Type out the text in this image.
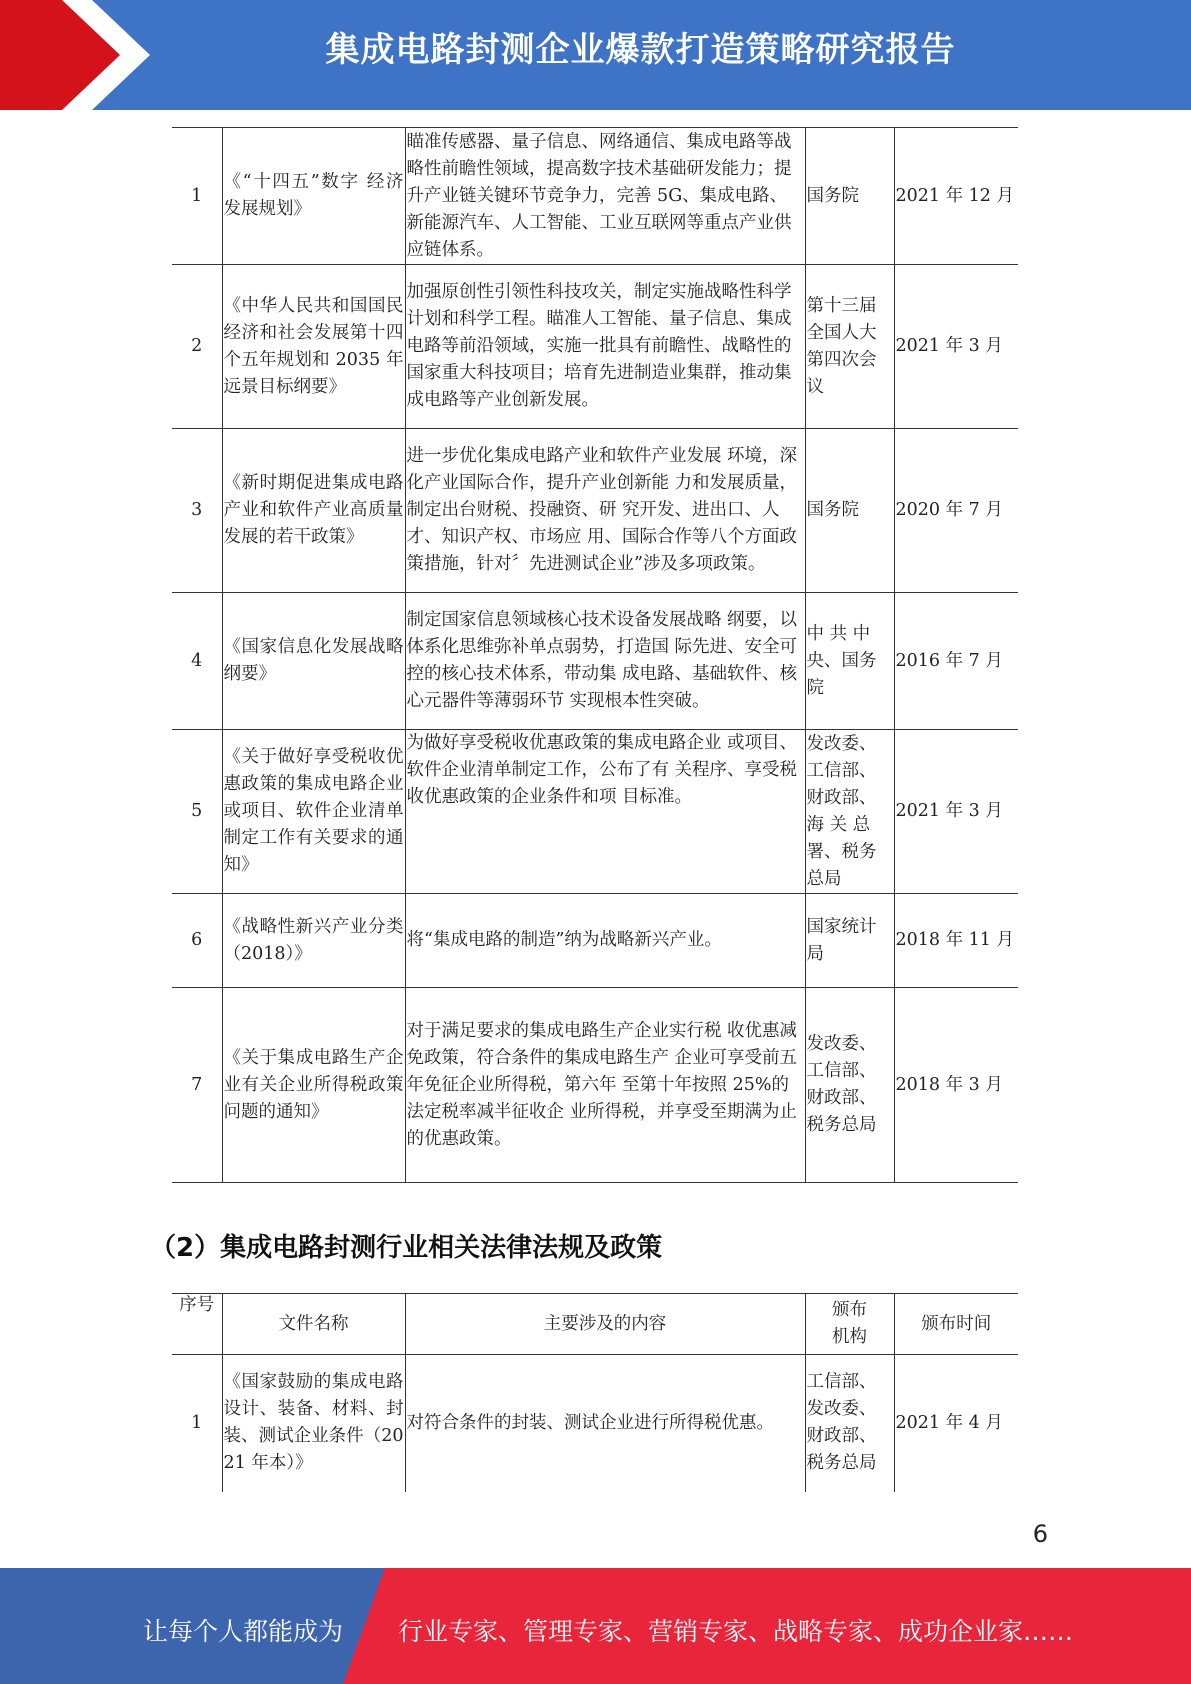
集成电路封测企业爆款打造策略研究报告
1	《“十四五”数字 经济发展规划》	瞄准传感器、量子信息、网络通信、集成电路等战略性前瞻性领域，提高数字技术基础研发能力；提升产业链关键环节竞争力，完善 5G、集成电路、新能源汽车、人工智能、工业互联网等重点产业供应链体系。	国务院	2021 年 12 月
2	《中华人民共和国国民经济和社会发展第十四个五年规划和 2035 年远景目标纲要》	加强原创性引领性科技攻关，制定实施战略性科学计划和科学工程。瞄准人工智能、量子信息、集成电路等前沿领域，实施一批具有前瞻性、战略性的国家重大科技项目；培育先进制造业集群，推动集成电路等产业创新发展。	第十三届全国人大第四次会议	2021 年 3 月
3	《新时期促进集成电路产业和软件产业高质量发展的若干政策》	进一步优化集成电路产业和软件产业发展 环境，深化产业国际合作，提升产业创新能 力和发展质量，制定出台财税、投融资、研 究开发、进出口、人才、知识产权、市场应 用、国际合作等八个方面政策措施，针对〞先进测试企业”涉及多项政策。	国务院	2020 年 7 月
4	《国家信息化发展战略纲要》	制定国家信息领域核心技术设备发展战略 纲要，以体系化思维弥补单点弱势，打造国 际先进、安全可控的核心技术体系，带动集 成电路、基础软件、核心元器件等薄弱环节 实现根本性突破。	中 共 中央、国务院	2016 年 7 月
5	《关于做好享受税收优惠政策的集成电路企业或项目、软件企业清单制定工作有关要求的通知》	为做好享受税收优惠政策的集成电路企业 或项目、软件企业清单制定工作，公布了有 关程序、享受税收优惠政策的企业条件和项 目标准。	发改委、工信部、财政部、海 关 总署、税务总局	2021 年 3 月
6	《战略性新兴产业分类（2018）》	将“集成电路的制造”纳为战略新兴产业。	国家统计局	2018 年 11 月
7	《关于集成电路生产企业有关企业所得税政策问题的通知》	对于满足要求的集成电路生产企业实行税 收优惠减免政策，符合条件的集成电路生产 企业可享受前五年免征企业所得税，第六年 至第十年按照 25%的法定税率减半征收企 业所得税，并享受至期满为止的优惠政策。	发改委、工信部、财政部、税务总局	2018 年 3 月
（2）集成电路封测行业相关法律法规及政策
序号	文件名称	主要涉及的内容	颁布机构	颁布时间
1	《国家鼓励的集成电路设计、装备、材料、封装、测试企业条件（2021 年本）》	对符合条件的封装、测试企业进行所得税优惠。	工信部、发改委、财政部、税务总局	2021 年 4 月
6
让每个人都能成为 行业专家、管理专家、营销专家、战略专家、成功企业家……
